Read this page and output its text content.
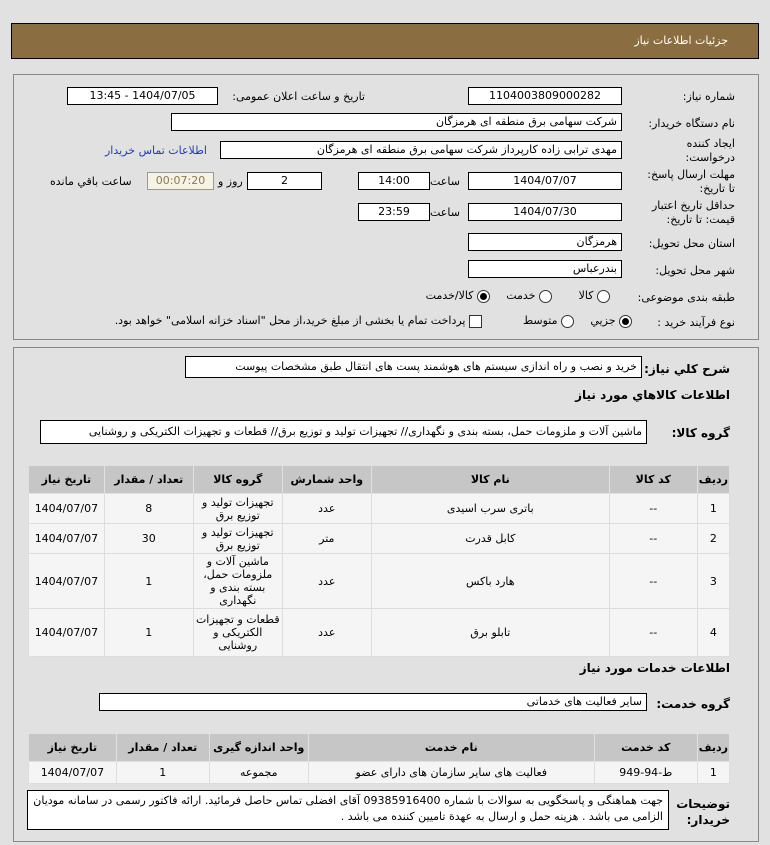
جزئیات اطلاعات نیاز
شماره نیاز:
1104003809000282
تاریخ و ساعت اعلان عمومی:
1404/07/05 - 13:45
نام دستگاه خریدار:
شرکت سهامی برق منطقه ای هرمزگان
ایجاد کننده درخواست:
مهدی ترابی زاده کارپرداز شرکت سهامی برق منطقه ای هرمزگان
اطلاعات تماس خریدار
مهلت ارسال پاسخ: تا تاریخ:
1404/07/07
ساعت
14:00
2
روز و
00:07:20
ساعت باقي مانده
حداقل تاریخ اعتبار قیمت: تا تاریخ:
1404/07/30
ساعت
23:59
استان محل تحویل:
هرمزگان
شهر محل تحویل:
بندرعباس
طبقه بندی موضوعی:
کالا
خدمت
کالا/خدمت
نوع فرآیند خرید :
جزیي
متوسط
پرداخت تمام یا بخشی از مبلغ خرید،از محل "اسناد خزانه اسلامی" خواهد بود.
شرح كلي نياز:
خرید و نصب و راه اندازی سیستم های هوشمند پست های انتقال طبق مشخصات پیوست
اطلاعات كالاهاي مورد نياز
گروه کالا:
ماشین آلات و ملزومات حمل، بسته بندی و نگهداری// تجهیزات تولید و توزیع برق// قطعات و تجهیزات الکتریکی و روشنایی
ردیف	کد کالا	نام کالا	واحد شمارش	گروه کالا	تعداد / مقدار	تاریخ نیاز
1	--	باتری سرب اسیدی	عدد	تجهیزات تولید و توزیع برق	8	1404/07/07
2	--	کابل قدرت	متر	تجهیزات تولید و توزیع برق	30	1404/07/07
3	--	هارد باکس	عدد	ماشین آلات و ملزومات حمل، بسته بندی و نگهداری	1	1404/07/07
4	--	تابلو برق	عدد	قطعات و تجهیزات الکتریکی و روشنایی	1	1404/07/07
اطلاعات خدمات مورد نياز
گروه خدمت:
سایر فعالیت های خدماتی
ردیف	کد خدمت	نام خدمت	واحد اندازه گیری	تعداد / مقدار	تاریخ نیاز
1	ط-94-949	فعالیت های سایر سازمان های دارای عضو	مجموعه	1	1404/07/07
توضیحات خریدار:
جهت هماهنگی و پاسخگویی به سوالات با شماره 09385916400 آقای افضلی تماس حاصل فرمائید. ارائه فاکتور رسمی در سامانه مودیان الزامی می باشد . هزینه حمل و ارسال به عهدة تامیین کننده می باشد .
